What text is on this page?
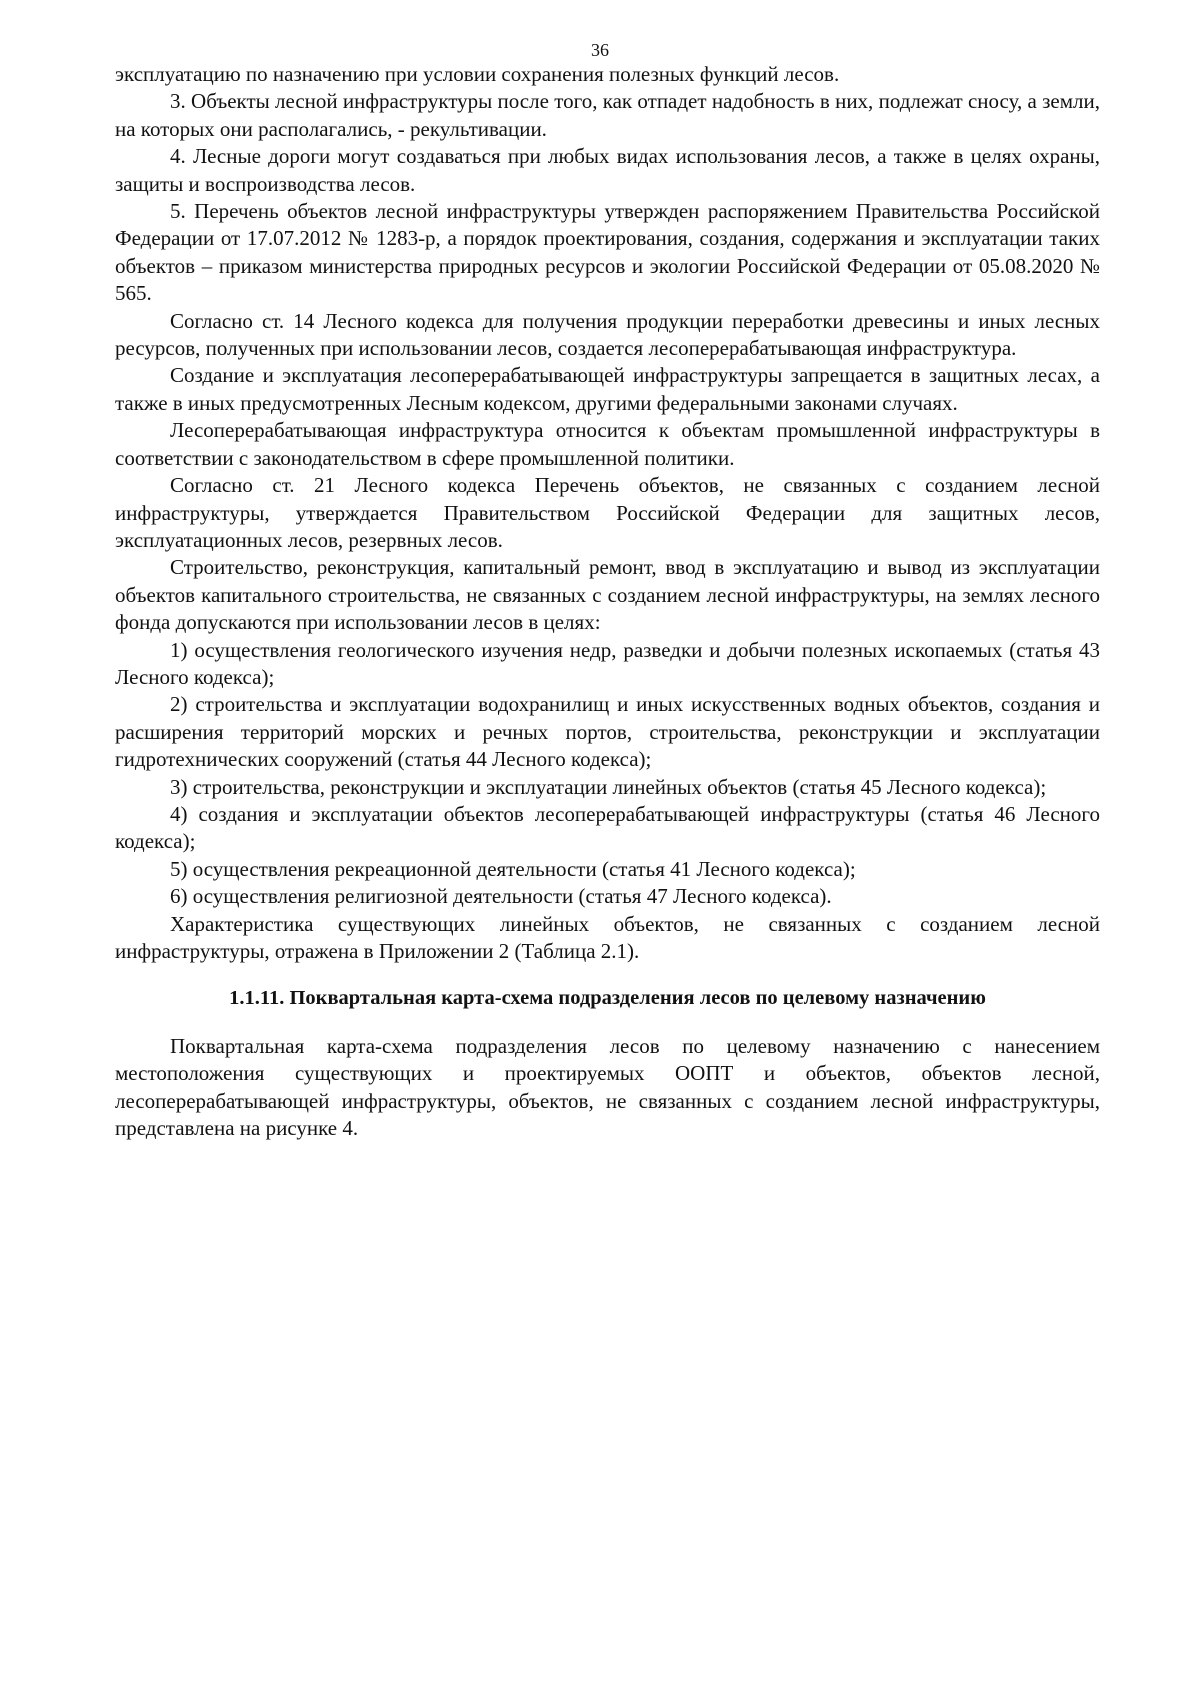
36

эксплуатацию по назначению при условии сохранения полезных функций лесов.

3. Объекты лесной инфраструктуры после того, как отпадет надобность в них, подлежат сносу, а земли, на которых они располагались, - рекультивации.

4. Лесные дороги могут создаваться при любых видах использования лесов, а также в целях охраны, защиты и воспроизводства лесов.

5. Перечень объектов лесной инфраструктуры утвержден распоряжением Правительства Российской Федерации от 17.07.2012 № 1283-р, а порядок проектирования, создания, содержания и эксплуатации таких объектов – приказом министерства природных ресурсов и экологии Российской Федерации от 05.08.2020 № 565.

Согласно ст. 14 Лесного кодекса для получения продукции переработки древесины и иных лесных ресурсов, полученных при использовании лесов, создается лесоперерабатывающая инфраструктура.

Создание и эксплуатация лесоперерабатывающей инфраструктуры запрещается в защитных лесах, а также в иных предусмотренных Лесным кодексом, другими федеральными законами случаях.

Лесоперерабатывающая инфраструктура относится к объектам промышленной инфраструктуры в соответствии с законодательством в сфере промышленной политики.

Согласно ст. 21 Лесного кодекса Перечень объектов, не связанных с созданием лесной инфраструктуры, утверждается Правительством Российской Федерации для защитных лесов, эксплуатационных лесов, резервных лесов.

Строительство, реконструкция, капитальный ремонт, ввод в эксплуатацию и вывод из эксплуатации объектов капитального строительства, не связанных с созданием лесной инфраструктуры, на землях лесного фонда допускаются при использовании лесов в целях:

1) осуществления геологического изучения недр, разведки и добычи полезных ископаемых (статья 43 Лесного кодекса);

2) строительства и эксплуатации водохранилищ и иных искусственных водных объектов, создания и расширения территорий морских и речных портов, строительства, реконструкции и эксплуатации гидротехнических сооружений (статья 44 Лесного кодекса);

3) строительства, реконструкции и эксплуатации линейных объектов (статья 45 Лесного кодекса);

4) создания и эксплуатации объектов лесоперерабатывающей инфраструктуры (статья 46 Лесного кодекса);

5) осуществления рекреационной деятельности (статья 41 Лесного кодекса);

6) осуществления религиозной деятельности (статья 47 Лесного кодекса).

Характеристика существующих линейных объектов, не связанных с созданием лесной инфраструктуры, отражена в Приложении 2 (Таблица 2.1).

1.1.11. Поквартальная карта-схема подразделения лесов по целевому назначению

Поквартальная карта-схема подразделения лесов по целевому назначению с нанесением местоположения существующих и проектируемых ООПТ и объектов, объектов лесной, лесоперерабатывающей инфраструктуры, объектов, не связанных с созданием лесной инфраструктуры, представлена на рисунке 4.
